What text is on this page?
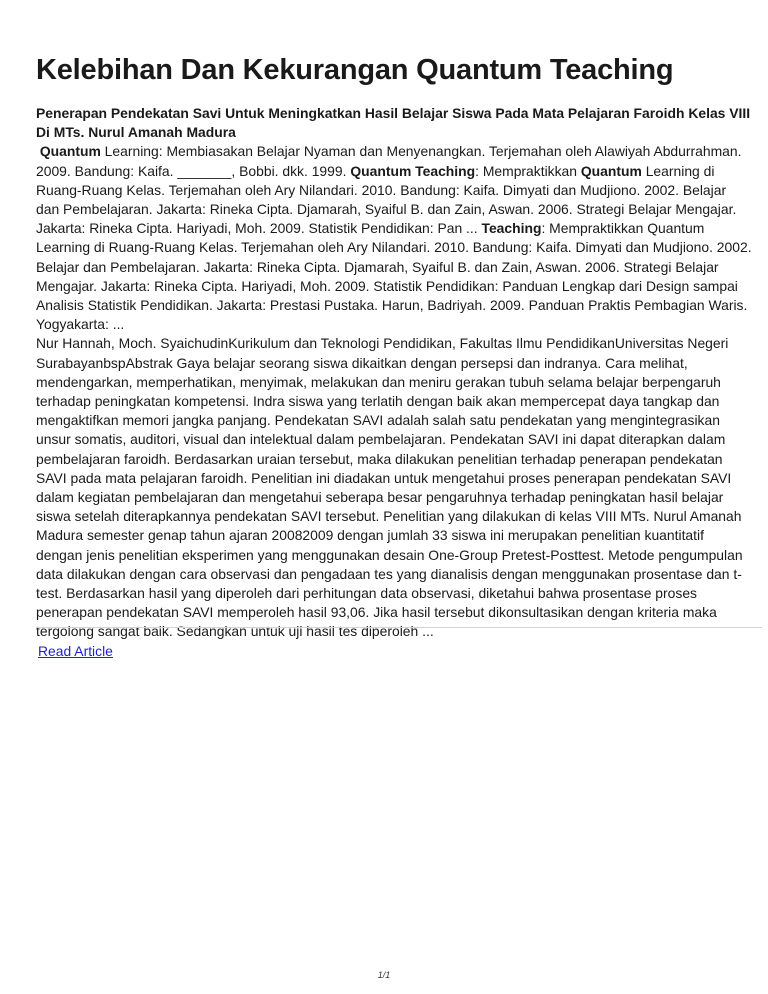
Kelebihan Dan Kekurangan Quantum Teaching

Penerapan Pendekatan Savi Untuk Meningkatkan Hasil Belajar Siswa Pada Mata Pelajaran Faroidh Kelas VIII Di MTs. Nurul Amanah Madura

Quantum Learning: Membiasakan Belajar Nyaman dan Menyenangkan. Terjemahan oleh Alawiyah Abdurrahman. 2009. Bandung: Kaifa. _______, Bobbi. dkk. 1999. Quantum Teaching: Mempraktikkan Quantum Learning di Ruang-Ruang Kelas. Terjemahan oleh Ary Nilandari. 2010. Bandung: Kaifa. Dimyati dan Mudjiono. 2002. Belajar dan Pembelajaran. Jakarta: Rineka Cipta. Djamarah, Syaiful B. dan Zain, Aswan. 2006. Strategi Belajar Mengajar. Jakarta: Rineka Cipta. Hariyadi, Moh. 2009. Statistik Pendidikan: Pan ... Teaching: Mempraktikkan Quantum Learning di Ruang-Ruang Kelas. Terjemahan oleh Ary Nilandari. 2010. Bandung: Kaifa. Dimyati dan Mudjiono. 2002. Belajar dan Pembelajaran. Jakarta: Rineka Cipta. Djamarah, Syaiful B. dan Zain, Aswan. 2006. Strategi Belajar Mengajar. Jakarta: Rineka Cipta. Hariyadi, Moh. 2009. Statistik Pendidikan: Panduan Lengkap dari Design sampai Analisis Statistik Pendidikan. Jakarta: Prestasi Pustaka. Harun, Badriyah. 2009. Panduan Praktis Pembagian Waris. Yogyakarta: ...

Nur Hannah, Moch. SyaichudinKurikulum dan Teknologi Pendidikan, Fakultas Ilmu PendidikanUniversitas Negeri SurabayanbspAbstrak Gaya belajar seorang siswa dikaitkan dengan persepsi dan indranya. Cara melihat, mendengarkan, memperhatikan, menyimak, melakukan dan meniru gerakan tubuh selama belajar berpengaruh terhadap peningkatan kompetensi. Indra siswa yang terlatih dengan baik akan mempercepat daya tangkap dan mengaktifkan memori jangka panjang. Pendekatan SAVI adalah salah satu pendekatan yang mengintegrasikan unsur somatis, auditori, visual dan intelektual dalam pembelajaran. Pendekatan SAVI ini dapat diterapkan dalam pembelajaran faroidh. Berdasarkan uraian tersebut, maka dilakukan penelitian terhadap penerapan pendekatan SAVI pada mata pelajaran faroidh. Penelitian ini diadakan untuk mengetahui proses penerapan pendekatan SAVI dalam kegiatan pembelajaran dan mengetahui seberapa besar pengaruhnya terhadap peningkatan hasil belajar siswa setelah diterapkannya pendekatan SAVI tersebut. Penelitian yang dilakukan di kelas VIII MTs. Nurul Amanah Madura semester genap tahun ajaran 20082009 dengan jumlah 33 siswa ini merupakan penelitian kuantitatif dengan jenis penelitian eksperimen yang menggunakan desain One-Group Pretest-Posttest. Metode pengumpulan data dilakukan dengan cara observasi dan pengadaan tes yang dianalisis dengan menggunakan prosentase dan t-test. Berdasarkan hasil yang diperoleh dari perhitungan data observasi, diketahui bahwa prosentase proses penerapan pendekatan SAVI memperoleh hasil 93,06. Jika hasil tersebut dikonsultasikan dengan kriteria maka tergolong sangat baik. Sedangkan untuk uji hasil tes diperoleh ...

Read Article
1/1
